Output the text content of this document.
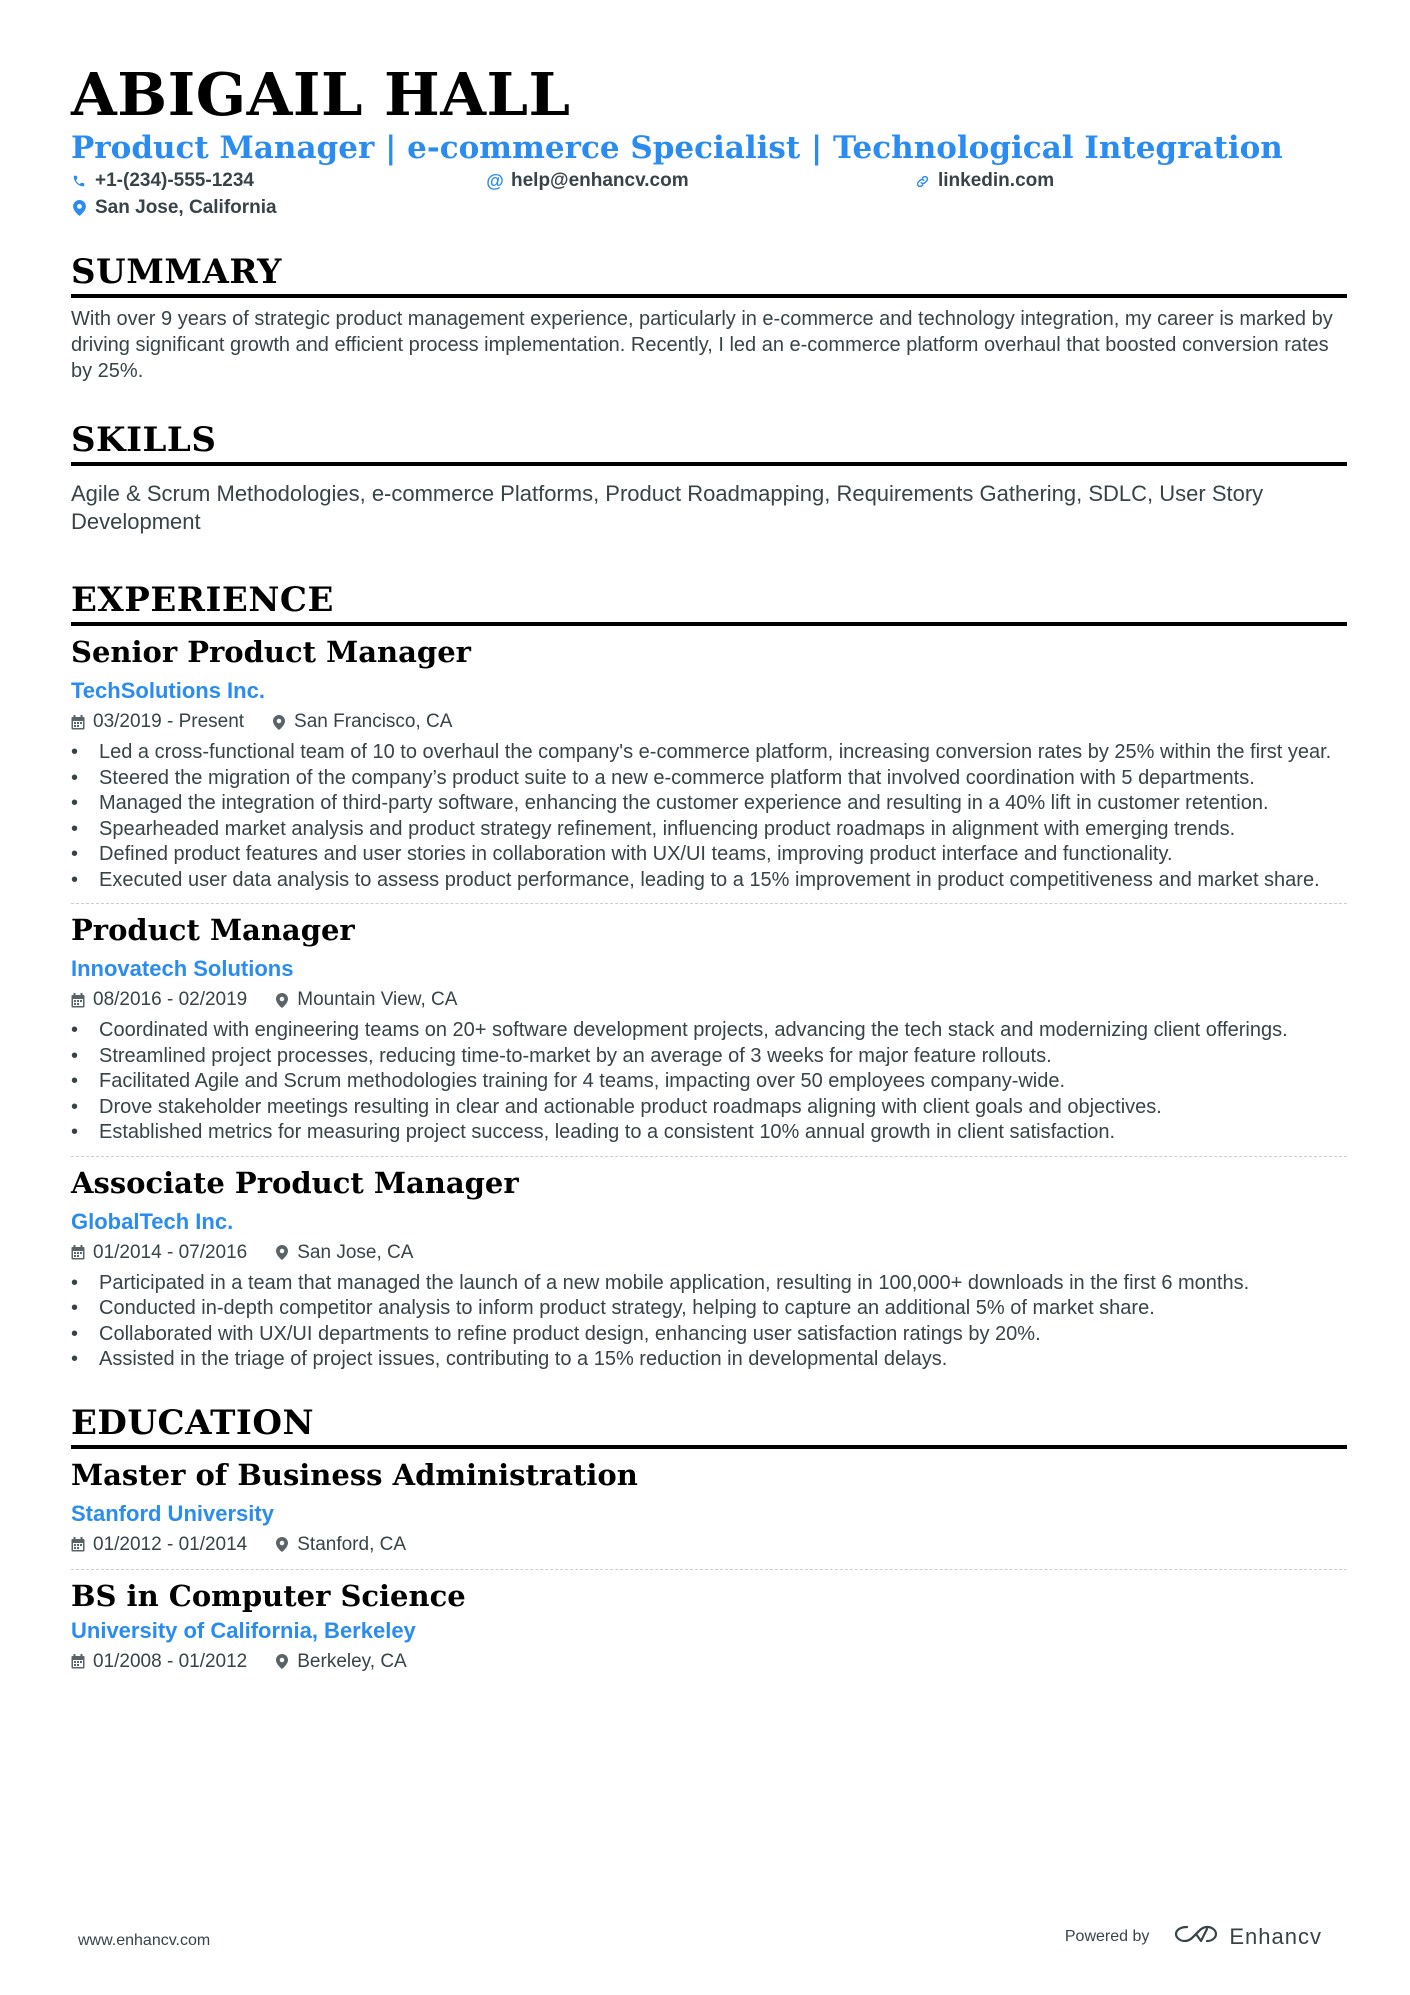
ABIGAIL HALL

Product Manager | e-commerce Specialist | Technological Integration

+1-(234)-555-1234	@ help@enhancv.com	linkedin.com
San Jose, California
SUMMARY

With over 9 years of strategic product management experience, particularly in e-commerce and technology integration, my career is marked by driving significant growth and efficient process implementation. Recently, I led an e-commerce platform overhaul that boosted conversion rates by 25%.

SKILLS

Agile & Scrum Methodologies, e-commerce Platforms, Product Roadmapping, Requirements Gathering, SDLC, User Story Development

EXPERIENCE
Senior Product Manager
TechSolutions Inc.
03/2019 - Present	San Francisco, CA
• Led a cross-functional team of 10 to overhaul the company's e-commerce platform, increasing conversion rates by 25% within the first year.
• Steered the migration of the company’s product suite to a new e-commerce platform that involved coordination with 5 departments.
• Managed the integration of third-party software, enhancing the customer experience and resulting in a 40% lift in customer retention.
• Spearheaded market analysis and product strategy refinement, influencing product roadmaps in alignment with emerging trends.
• Defined product features and user stories in collaboration with UX/UI teams, improving product interface and functionality.
• Executed user data analysis to assess product performance, leading to a 15% improvement in product competitiveness and market share.
Product Manager
Innovatech Solutions
08/2016 - 02/2019	Mountain View, CA
• Coordinated with engineering teams on 20+ software development projects, advancing the tech stack and modernizing client offerings.
• Streamlined project processes, reducing time-to-market by an average of 3 weeks for major feature rollouts.
• Facilitated Agile and Scrum methodologies training for 4 teams, impacting over 50 employees company-wide.
• Drove stakeholder meetings resulting in clear and actionable product roadmaps aligning with client goals and objectives.
• Established metrics for measuring project success, leading to a consistent 10% annual growth in client satisfaction.
Associate Product Manager
GlobalTech Inc.
01/2014 - 07/2016	San Jose, CA
• Participated in a team that managed the launch of a new mobile application, resulting in 100,000+ downloads in the first 6 months.
• Conducted in-depth competitor analysis to inform product strategy, helping to capture an additional 5% of market share.
• Collaborated with UX/UI departments to refine product design, enhancing user satisfaction ratings by 20%.
• Assisted in the triage of project issues, contributing to a 15% reduction in developmental delays.
EDUCATION
Master of Business Administration
Stanford University
01/2012 - 01/2014	Stanford, CA
BS in Computer Science
University of California, Berkeley
01/2008 - 01/2012	Berkeley, CA
www.enhancv.com	Powered by	Enhancv
